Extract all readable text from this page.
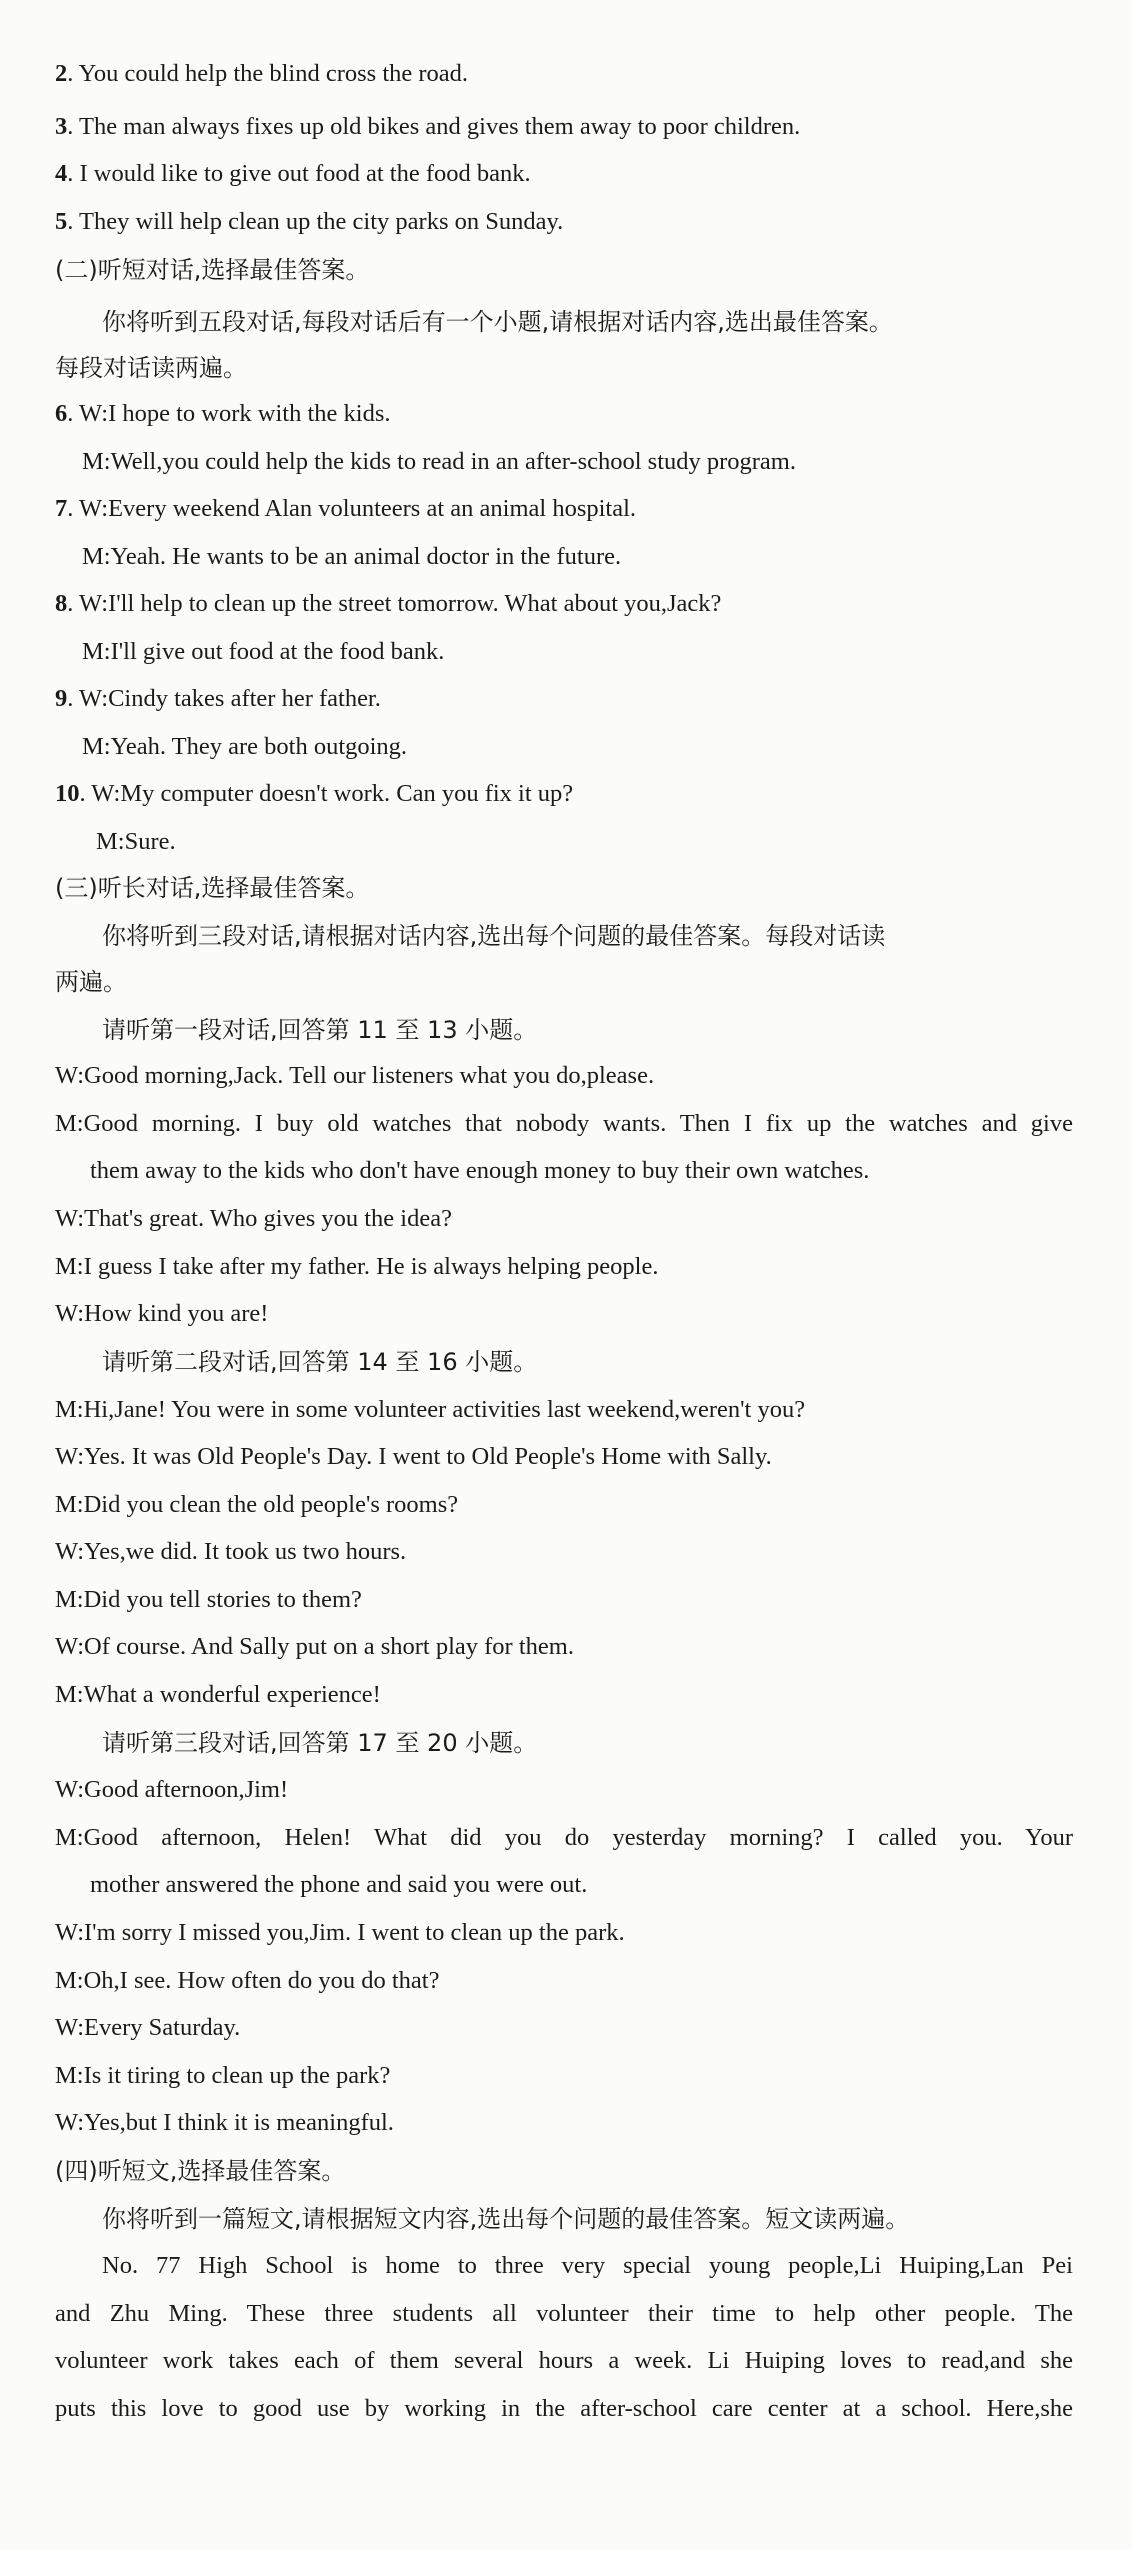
2. You could help the blind cross the road.
3. The man always fixes up old bikes and gives them away to poor children.
4. I would like to give out food at the food bank.
5. They will help clean up the city parks on Sunday.
(二)听短对话,选择最佳答案。
你将听到五段对话,每段对话后有一个小题,请根据对话内容,选出最佳答案。
每段对话读两遍。
6. W:I hope to work with the kids.
M:Well,you could help the kids to read in an after-school study program.
7. W:Every weekend Alan volunteers at an animal hospital.
M:Yeah. He wants to be an animal doctor in the future.
8. W:I'll help to clean up the street tomorrow. What about you,Jack?
M:I'll give out food at the food bank.
9. W:Cindy takes after her father.
M:Yeah. They are both outgoing.
10. W:My computer doesn't work. Can you fix it up?
M:Sure.
(三)听长对话,选择最佳答案。
你将听到三段对话,请根据对话内容,选出每个问题的最佳答案。每段对话读
两遍。
请听第一段对话,回答第 11 至 13 小题。
W:Good morning,Jack. Tell our listeners what you do,please.
M:Good morning. I buy old watches that nobody wants. Then I fix up the watches and give
them away to the kids who don't have enough money to buy their own watches.
W:That's great. Who gives you the idea?
M:I guess I take after my father. He is always helping people.
W:How kind you are!
请听第二段对话,回答第 14 至 16 小题。
M:Hi,Jane! You were in some volunteer activities last weekend,weren't you?
W:Yes. It was Old People's Day. I went to Old People's Home with Sally.
M:Did you clean the old people's rooms?
W:Yes,we did. It took us two hours.
M:Did you tell stories to them?
W:Of course. And Sally put on a short play for them.
M:What a wonderful experience!
请听第三段对话,回答第 17 至 20 小题。
W:Good afternoon,Jim!
M:Good afternoon, Helen! What did you do yesterday morning? I called you. Your
mother answered the phone and said you were out.
W:I'm sorry I missed you,Jim. I went to clean up the park.
M:Oh,I see. How often do you do that?
W:Every Saturday.
M:Is it tiring to clean up the park?
W:Yes,but I think it is meaningful.
(四)听短文,选择最佳答案。
你将听到一篇短文,请根据短文内容,选出每个问题的最佳答案。短文读两遍。
No. 77 High School is home to three very special young people,Li Huiping,Lan Pei
and Zhu Ming. These three students all volunteer their time to help other people. The
volunteer work takes each of them several hours a week. Li Huiping loves to read,and she
puts this love to good use by working in the after-school care center at a school. Here,she
